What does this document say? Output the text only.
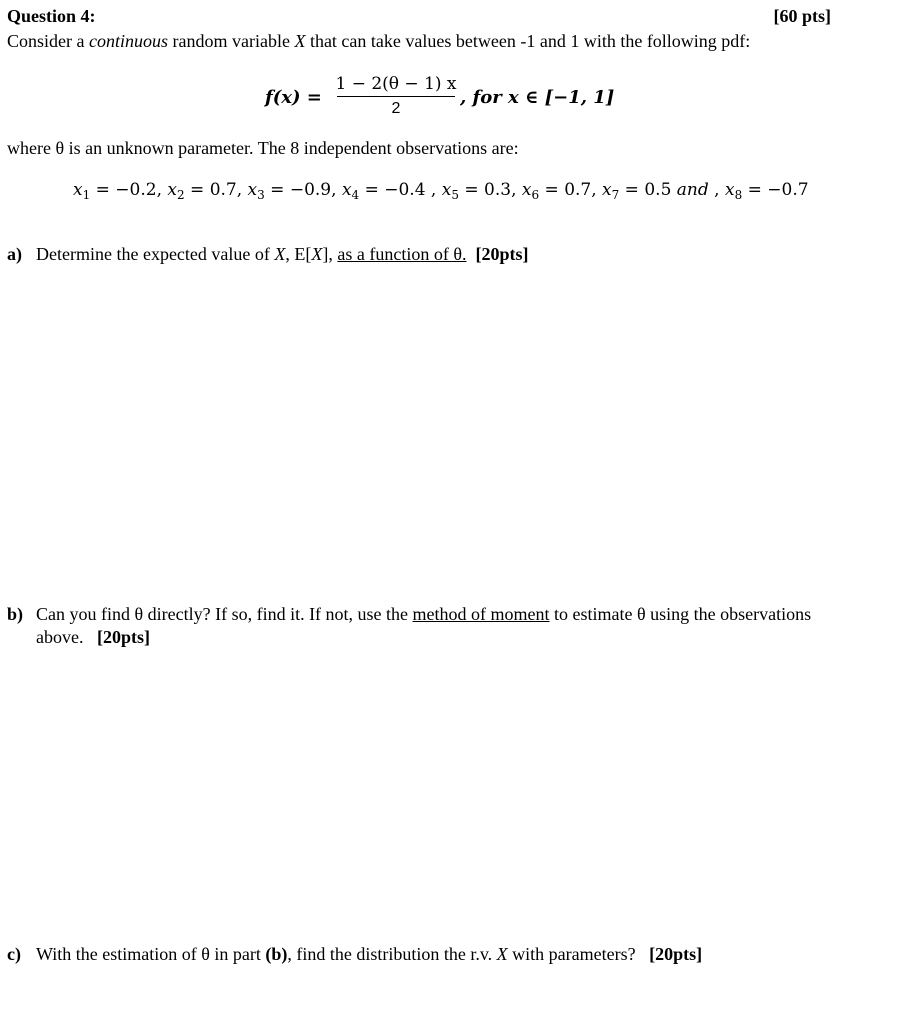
Question 4:	[60 pts]
Consider a continuous random variable X that can take values between -1 and 1 with the following pdf:
f(x) =
1 − 2(θ − 1) x
2
, for x ∈ [−1, 1]
where θ is an unknown parameter. The 8 independent observations are:
$x_1 = -0.2$, $x_2 = 0.7$, $x_3 = -0.9$, $x_4 = -0.4$ , $x_5 = 0.3$, $x_6 = 0.7$, $x_7 = 0.5$ and , $x_8 = -0.7$
a) Determine the expected value of X, E[X], as a function of θ. [20pts]
b) Can you find θ directly? If so, find it. If not, use the method of moment to estimate θ using the observations
above. [20pts]
c) With the estimation of θ in part (b), find the distribution the r.v. X with parameters? [20pts]
